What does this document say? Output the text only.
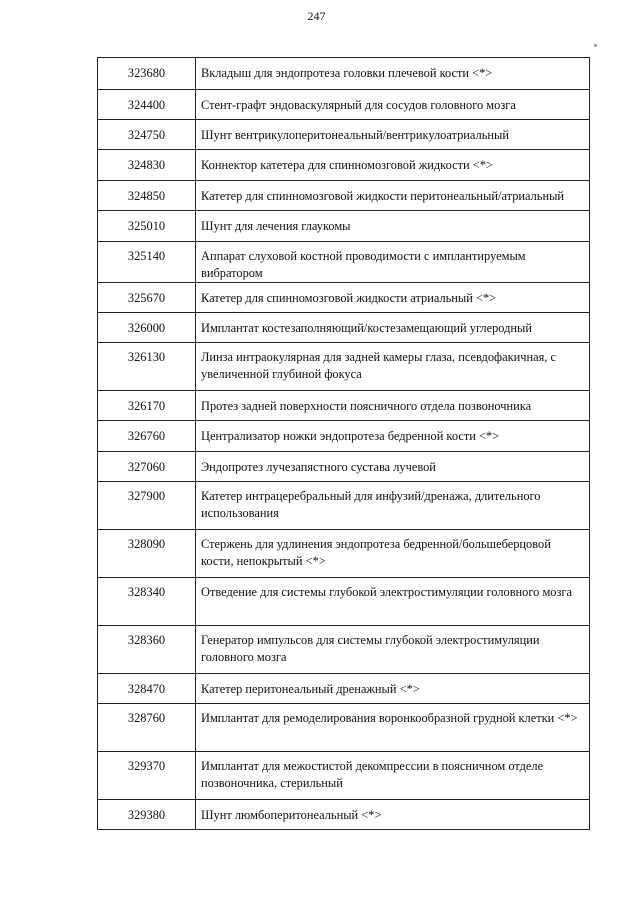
247
323680	Вкладыш для эндопротеза головки плечевой кости <*>

324400	Стент-графт эндоваскулярный для сосудов головного мозга

324750	Шунт вентрикулоперитонеальный/вентрикулоатриальный

324830	Коннектор катетера для спинномозговой жидкости <*>

324850	Катетер для спинномозговой жидкости перитонеальный/атриальный

325010	Шунт для лечения глаукомы

325140	Аппарат слуховой костной проводимости с имплантируемым вибратором

325670	Катетер для спинномозговой жидкости атриальный <*>

326000	Имплантат костезаполняющий/костезамещающий углеродный

326130	Линза интраокулярная для задней камеры глаза, псевдофакичная, с увеличенной глубиной фокуса

326170	Протез задней поверхности поясничного отдела позвоночника

326760	Централизатор ножки эндопротеза бедренной кости <*>

327060	Эндопротез лучезапястного сустава лучевой

327900	Катетер интрацеребральный для инфузий/дренажа, длительного использования

328090	Стержень для удлинения эндопротеза бедренной/большеберцовой кости, непокрытый <*>

328340	Отведение для системы глубокой электростимуляции головного мозга

328360	Генератор импульсов для системы глубокой электростимуляции головного мозга

328470	Катетер перитонеальный дренажный <*>

328760	Имплантат для ремоделирования воронкообразной грудной клетки <*>

329370	Имплантат для межостистой декомпрессии в поясничном отделе позвоночника, стерильный

329380	Шунт люмбоперитонеальный <*>
